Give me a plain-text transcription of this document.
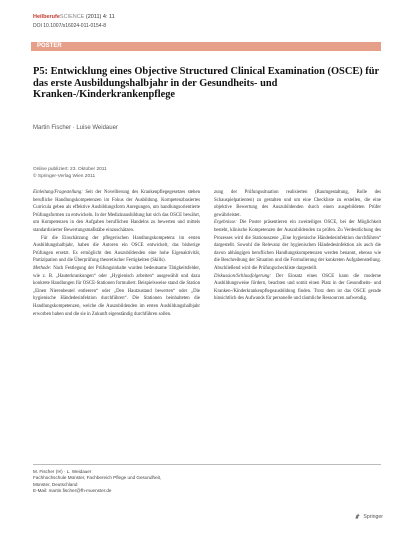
HeilberufeSCIENCE (2011) 4: 11
DOI 10.1007/s16024-011-0154-8
POSTER
P5: Entwicklung eines Objective Structured Clinical Examination (OSCE) für das erste Ausbildungshalbjahr in der Gesundheits- und Kranken-/Kinderkrankenpflege
Martin Fischer · Luise Weidauer
Online publiziert: 23. Oktober 2011
© Springer-Verlag Wien 2011

Einleitung/Fragestellung: Seit der Novellierung des Krankenpflegegesetzes stehen berufliche Handlungskompetenzen im Fokus der Ausbildung. Kompetenzbasiertes Curricula geben als effektive Ausbildungsform Anregungen, um handlungsorientierte Prüfungsformen zu entwickeln. In der Medizinausbildung hat sich das OSCE bewährt, um Kompetenzen in den Aufgaben beruflichen Handelns zu bewerten und mittels standardisierter Bewertungsmaßstäbe einzuschätzen.

Für die Einschätzung der pflegerischen Handlungskompetenz im ersten Ausbildungshalbjahr, haben die Autoren ein OSCE entwickelt, das bisherige Prüfungen ersetzt. Es ermöglicht den Auszubildenden eine hohe Eigenaktivität, Partizipation und die Überprüfung theoretischer Fertigkeiten (Skills).

Methode: Nach Festlegung der Prüfungsinhalte wurden bedeutsame Tätigkeitsfelder, wie z. B. „Hauterkrankungen“ oder „Hygienisch arbeiten“ ausgewählt und dazu konkrete Handlungen für OSCE-Stationen formuliert. Beispielsweise stand die Station „Einen Nierenbeutel entleeren“ oder „Den Hautzustand bewerten“ oder „Die hygienische Händedesinfektion durchführen“. Die Stationen beinhalteten die Handlungskompetenzen, welche die Auszubildenden im ersten Ausbildungshalbjahr erworben haben und die sie in Zukunft eigenständig durchführen sollen.

zung der Prüfungssituation realisierten (Raumgestaltung, Rolle des Schauspielpatienten) zu gestalten und um eine Checkliste zu erstellen, die eine objektive Bewertung des Auszubildenden durch einen ausgebildeten Prüfer gewährleistet.

Ergebnisse: Die Poster präsentieren ein zweiteiliges OSCE, bei der Möglichkeit besteht, klinische Kompetenzen der Auszubildenden zu prüfen. Zu Verdeutlichung des Prozesses wird die Stationsszene „Eine hygienische Händedesinfektion durchführen“ dargestellt. Sowohl die Relevanz der hygienischen Händedesinfektion als auch die davon abhängigen beruflichen Handlungskompetenzen werden benannt, ebenso wie die Beschreibung der Situation und die Formulierung der konkreten Aufgabenstellung. Abschließend wird die Prüfungscheckliste dargestellt.

Diskussion/Schlussfolgerung: Der Einsatz eines OSCE kann die moderne Ausbildungsweise fördern, beachten und somit einen Platz in der Gesundheits- und Kranken-/Kinderkrankenpflegeausbildung finden. Trotz dem ist das OSCE gerade hinsichtlich des Aufwands für personelle und räumliche Ressourcen aufwendig.

M. Fischer (✉) · L. Weidauer

Fachhochschule Münster, Fachbereich Pflege und Gesundheit,

Münster, Deutschland

E-Mail: martin.fischer@fh-muenster.de

Springer
